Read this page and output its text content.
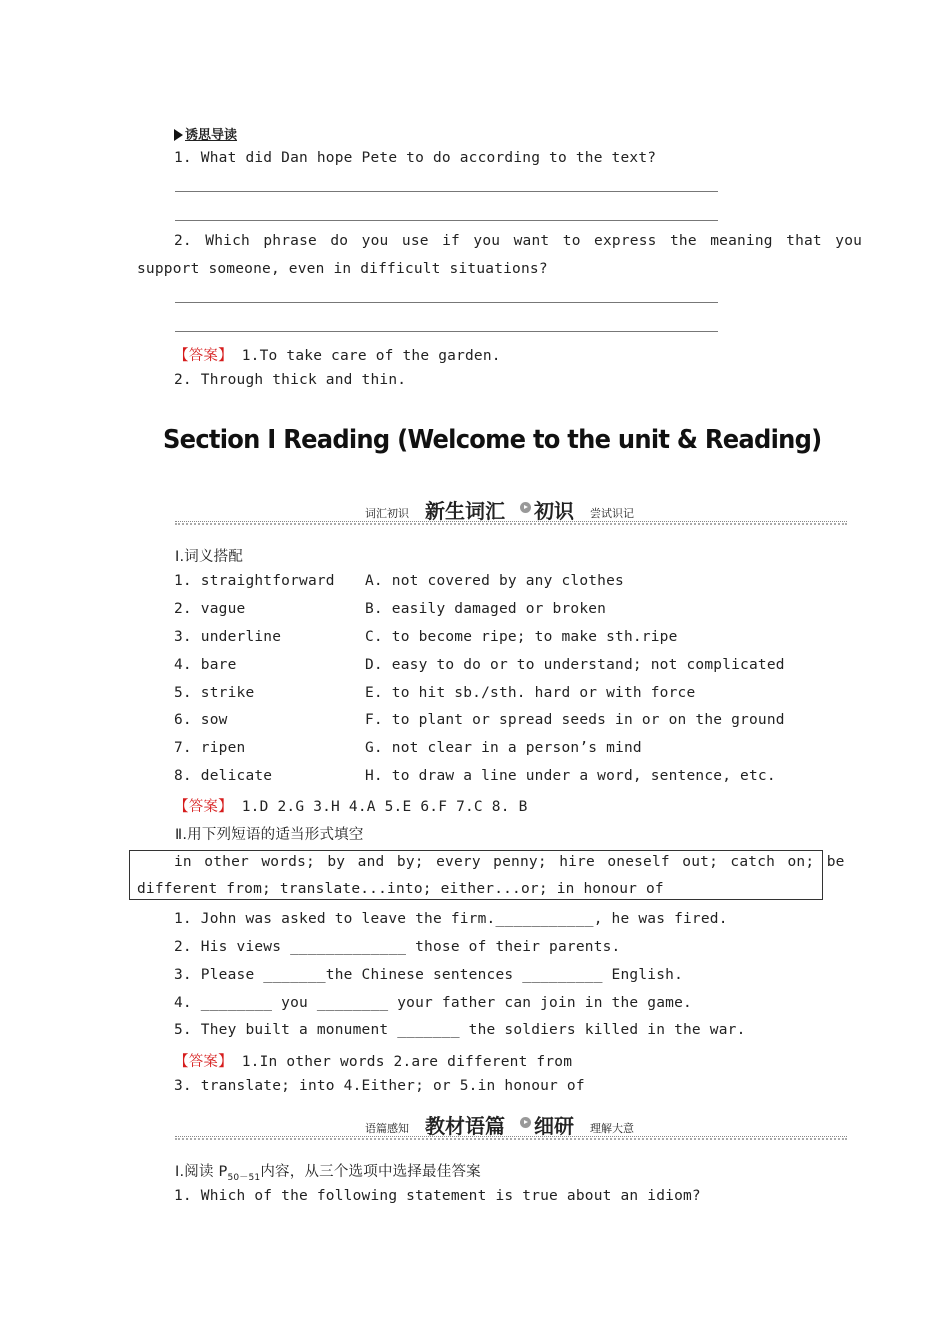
诱思导读
1. What did Dan hope Pete to do according to the text?
2. Which phrase do you use if you want to express the meaning that you
support someone, even in difficult situations?
【答案】 1.To take care of the garden.
2. Through thick and thin.
Section Ⅰ Reading (Welcome to the unit & Reading)
词汇初识 新生词汇 初识 尝试识记
Ⅰ.词义搭配
1. straightforward
2. vague
3. underline
4. bare
5. strike
6. sow
7. ripen
8. delicate
A. not covered by any clothes
B. easily damaged or broken
C. to become ripe; to make sth.ripe
D. easy to do or to understand; not complicated
E. to hit sb./sth. hard or with force
F. to plant or spread seeds in or on the ground
G. not clear in a person’s mind
H. to draw a line under a word, sentence, etc.
【答案】 1.D 2.G 3.H 4.A 5.E 6.F 7.C 8. B
Ⅱ.用下列短语的适当形式填空
in other words; by and by; every penny; hire oneself out; catch on; be
different from; translate...into; either...or; in honour of
1. John was asked to leave the firm.___________, he was fired.
2. His views _____________ those of their parents.
3. Please _______the Chinese sentences _________ English.
4. ________ you ________ your father can join in the game.
5. They built a monument _______ the soldiers killed in the war.
【答案】 1.In other words 2.are different from
3. translate; into 4.Either; or 5.in honour of
语篇感知 教材语篇 细研 理解大意
Ⅰ.阅读 $P_{50-51}$内容，从三个选项中选择最佳答案
1. Which of the following statement is true about an idiom?
